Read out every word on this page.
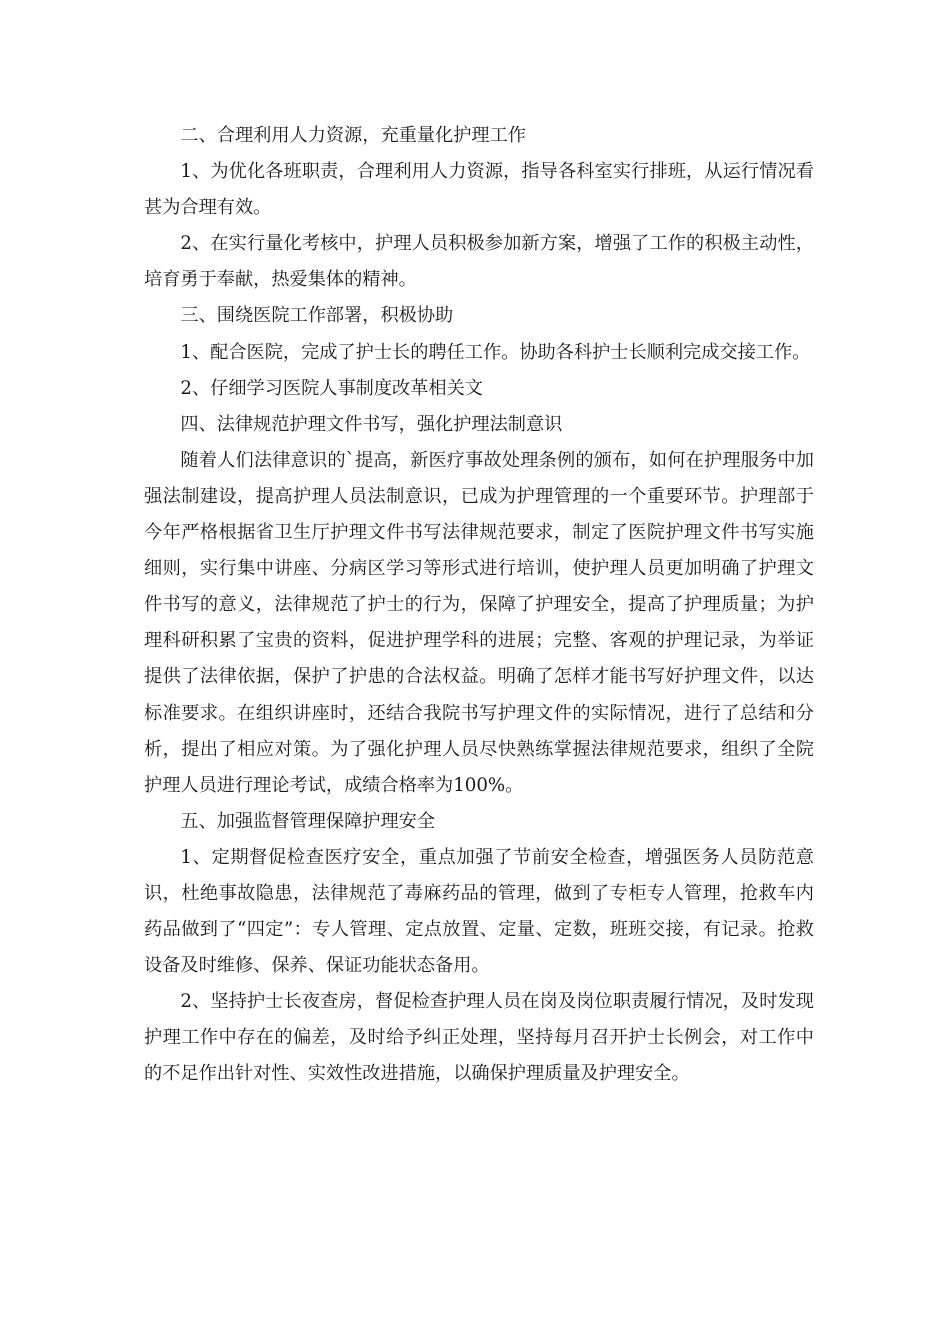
二、合理利用人力资源，充重量化护理工作

1、为优化各班职责，合理利用人力资源，指导各科室实行排班，从运行情况看甚为合理有效。

2、在实行量化考核中，护理人员积极参加新方案，增强了工作的积极主动性，培育勇于奉献，热爱集体的精神。

三、围绕医院工作部署，积极协助

1、配合医院，完成了护士长的聘任工作。协助各科护士长顺利完成交接工作。

2、仔细学习医院人事制度改革相关文

四、法律规范护理文件书写，强化护理法制意识

随着人们法律意识的`提高，新医疗事故处理条例的颁布，如何在护理服务中加强法制建设，提高护理人员法制意识，已成为护理管理的一个重要环节。护理部于今年严格根据省卫生厅护理文件书写法律规范要求，制定了医院护理文件书写实施细则，实行集中讲座、分病区学习等形式进行培训，使护理人员更加明确了护理文件书写的意义，法律规范了护士的行为，保障了护理安全，提高了护理质量；为护理科研积累了宝贵的资料，促进护理学科的进展；完整、客观的护理记录，为举证提供了法律依据，保护了护患的合法权益。明确了怎样才能书写好护理文件，以达标准要求。在组织讲座时，还结合我院书写护理文件的实际情况，进行了总结和分析，提出了相应对策。为了强化护理人员尽快熟练掌握法律规范要求，组织了全院护理人员进行理论考试，成绩合格率为100%。

五、加强监督管理保障护理安全

1、定期督促检查医疗安全，重点加强了节前安全检查，增强医务人员防范意识，杜绝事故隐患，法律规范了毒麻药品的管理，做到了专柜专人管理，抢救车内药品做到了“四定”：专人管理、定点放置、定量、定数，班班交接，有记录。抢救设备及时维修、保养、保证功能状态备用。

2、坚持护士长夜查房，督促检查护理人员在岗及岗位职责履行情况，及时发现护理工作中存在的偏差，及时给予纠正处理，坚持每月召开护士长例会，对工作中的不足作出针对性、实效性改进措施，以确保护理质量及护理安全。
